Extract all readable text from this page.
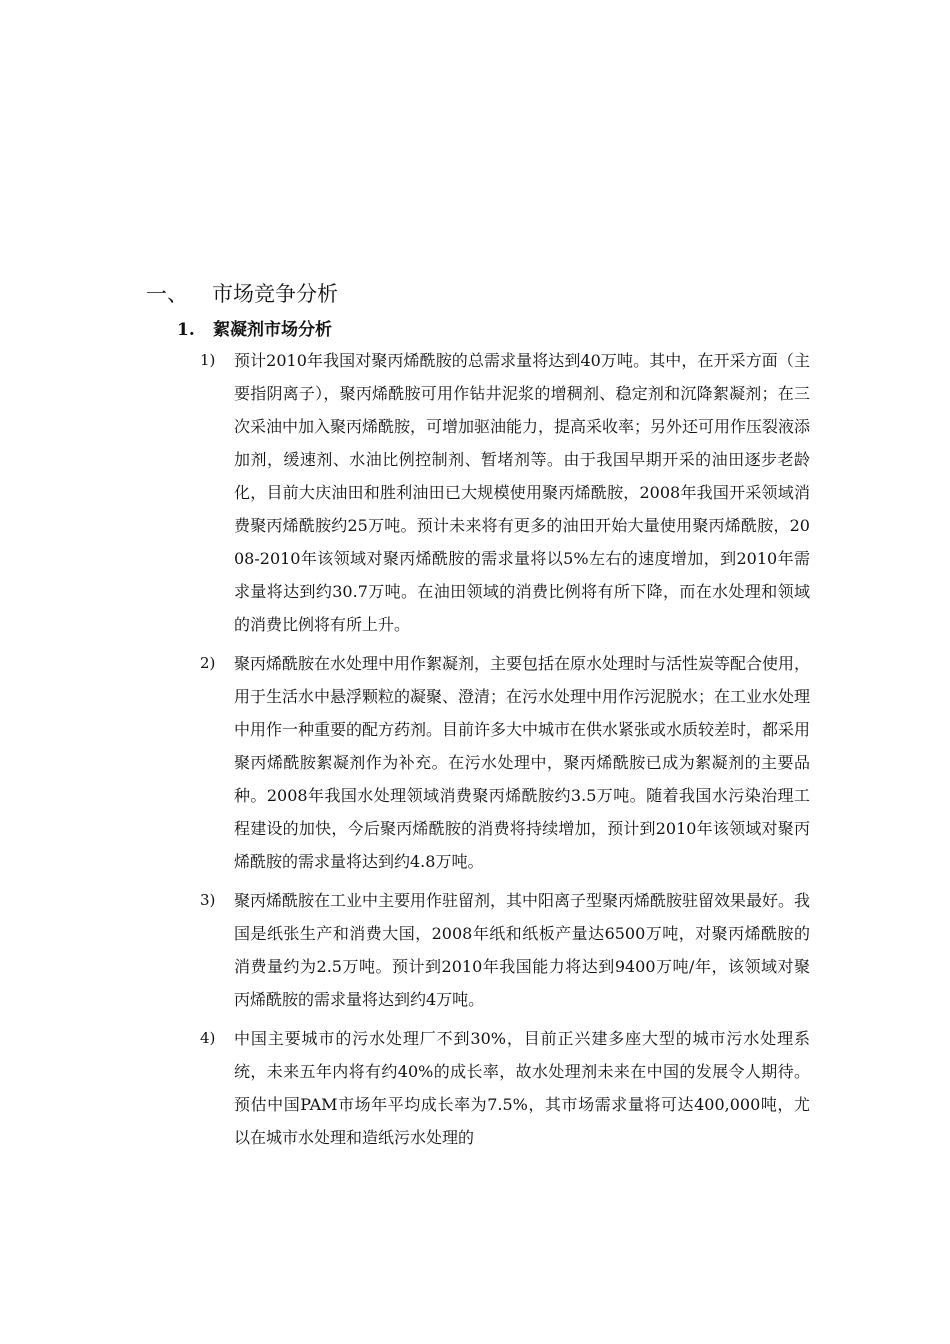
一、 市场竞争分析
1. 絮凝剂市场分析
1) 预计2010年我国对聚丙烯酰胺的总需求量将达到40万吨。其中，在开采方面（主要指阴离子），聚丙烯酰胺可用作钻井泥浆的增稠剂、稳定剂和沉降絮凝剂；在三次采油中加入聚丙烯酰胺，可增加驱油能力，提高采收率；另外还可用作压裂液添加剂，缓速剂、水油比例控制剂、暂堵剂等。由于我国早期开采的油田逐步老龄化，目前大庆油田和胜利油田已大规模使用聚丙烯酰胺，2008年我国开采领域消费聚丙烯酰胺约25万吨。预计未来将有更多的油田开始大量使用聚丙烯酰胺，2008-2010年该领域对聚丙烯酰胺的需求量将以5%左右的速度增加，到2010年需求量将达到约30.7万吨。在油田领域的消费比例将有所下降，而在水处理和领域的消费比例将有所上升。
2) 聚丙烯酰胺在水处理中用作絮凝剂，主要包括在原水处理时与活性炭等配合使用，用于生活水中悬浮颗粒的凝聚、澄清；在污水处理中用作污泥脱水；在工业水处理中用作一种重要的配方药剂。目前许多大中城市在供水紧张或水质较差时，都采用聚丙烯酰胺絮凝剂作为补充。在污水处理中，聚丙烯酰胺已成为絮凝剂的主要品种。2008年我国水处理领域消费聚丙烯酰胺约3.5万吨。随着我国水污染治理工程建设的加快，今后聚丙烯酰胺的消费将持续增加，预计到2010年该领域对聚丙烯酰胺的需求量将达到约4.8万吨。
3) 聚丙烯酰胺在工业中主要用作驻留剂，其中阳离子型聚丙烯酰胺驻留效果最好。我国是纸张生产和消费大国，2008年纸和纸板产量达6500万吨，对聚丙烯酰胺的消费量约为2.5万吨。预计到2010年我国能力将达到9400万吨/年，该领域对聚丙烯酰胺的需求量将达到约4万吨。
4) 中国主要城市的污水处理厂不到30%，目前正兴建多座大型的城市污水处理系统，未来五年内将有约40%的成长率，故水处理剂未来在中国的发展令人期待。预估中国PAM市场年平均成长率为7.5%，其市场需求量将可达400,000吨，尤以在城市水处理和造纸污水处理的
